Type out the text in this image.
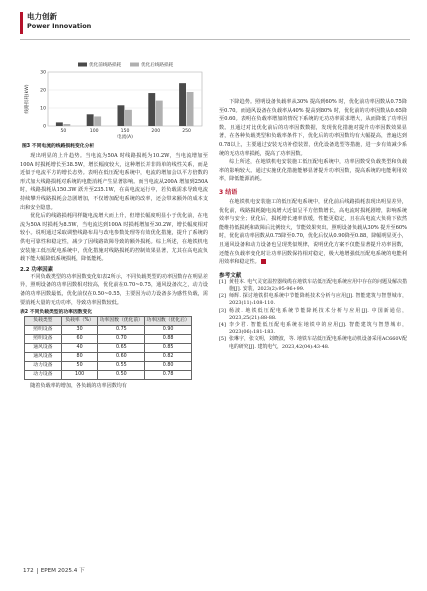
电力创新
Power Innovation
0
10
20
30
50	100	150	200	250
电流(A)
线路损耗(kW)
优化前线路损耗	优化后线路损耗
图3 不同电流的线路损耗变化分析

现出明显的上升趋势。当电流为50A 时线路损耗为10.2W，当电流增加至100A 时损耗增长至38.5W，增长幅度较大，这种增长并非简单的线性关系，而是近似于电流平方的增长态势。表明在低压配电系统中，电流的增加会以平方倍数的形式加大线路损耗对系统的电能消耗产生显著影响。而当电流从200A 增加到250A 时，线路损耗从150.3W 跃升至235.1W，在高电流运行中，若负载需求导致电流持续攀升线路损耗会急剧增加，不仅增加配电系统的改率，还会带来额外的成本支出和安全隐患。

优化后的线路损耗同样随电流增大而上升，但增长幅度明显小于优化前，在电流为50A 时损耗为8.5W，当电流达到100A 时损耗增加至30.2W，增长幅度相对较小。说明通过采取调整线路布局与改电参数处理等有效优化措施，提升了系统的供电可靠性和稳定性，减少了因线路故障导致的额外损耗。综上所述，在地铁机电安装施工低压配电系统中，优化措施对线路损耗的控制效果显著，尤其在高电流负载下能大幅降低系统损耗，降低能耗。

2.2 功率因素

不同负载类型的功率因数变化如表2所示，不同负载类型的功率因数存在明显差异，照明设备的功率因数相对较高，优化前在0.70~0.75，通风设备次之，动力设备的功率因数最低，优化前仅在0.50~0.55，主要因为动力设备多为感性负载，需要消耗大量的无功功率，导致功率因数较低。

表2 不同负载类型的功率因数变化

负载类型	负载率（%）	功率因数（优化前）	功率因数（优化后）
照明设备	30	0.75	0.90
照明设备	60	0.70	0.88
通风设备	40	0.65	0.85
通风设备	80	0.60	0.82
动力设备	50	0.55	0.80
动力设备	100	0.50	0.78

随着负载率的增加，各负载的功率因数均有

下降趋势。照明设备负载率从30% 提高到60% 时，优化前功率因数从0.75降至0.70。而通风设备在负载率从40% 提高到80% 时，优化前的功率因数从0.65降至0.60。表明在负载率增加的情况下系统的无功功率需求增大，从而降低了功率因数。且通过对比优化前后的功率因数数据，发现优化措施对提升功率因数效果显著，在各种负载类型和负载率条件下，优化后的功率因数均有大幅提高，普遍达到0.78以上，主要通过安装无功补偿装置，优化设备选型等措施，进一步有效减少系统的无功功率损耗，提高了功率因数。

综上所述，在地铁机电安装施工低压配电系统中，功率因数受负载类型和负载率的影响较大。通过实施优化措施能够显著提升功率因数，提高系统的电能利用效率，降低能源消耗。

3 结语

在地铁机电安装施工的低压配电系统中，优化前后线路损耗表现出明显差异，优化前，线路损耗随电流增大近似呈平方倍数增长，高电流时损耗剧增，影响系统效率与安全；优化后，损耗增长速率放缓，性能更稳定，且在高电流大负荷下依然能维持低损耗和故障后比例较大，节能效果突出。照明设备负载从30% 提升至60% 时，优化前功率因数从0.75降至0.70，优化后仅从0.90降至0.88，降幅明显更小，且通风设备和动力设备也呈现类似规律，说明优化方案不仅能显著提升功率因数，还能在负载率变化时让功率因数保持相对稳定，极大地增强低压配电系统的电能利用效率和稳定性。

参考文献

[1] 黄桂本. 电气灵宽温控器线缆在地铁车站低压配电系统应用中存在的问题及解决措施[J]. 安装，2023(2):95-96+99.
[2] 师辉. 探讨地铁供电系统中节能降耗技术分析与应用[J]. 智能建筑与智慧城市，2023(11):108-110.
[3] 杨波. 地铁低压配电系统节能降耗技术分析与应用[J]. 中国新通信，2023,25(21):88-88.
[4] 李少君. 智能低压配电系统在地铁中的应用[J]. 智能建筑与智慧城市，2023(06):181-183.
[5] 张琳宇，张文明，刘晓波，等. 地铁车站低压配电系统电动机设备采用AC660V配电的研究[J]. 建筑电气，2023,42(04):43-48.
172 EPEM 2025.4 下
